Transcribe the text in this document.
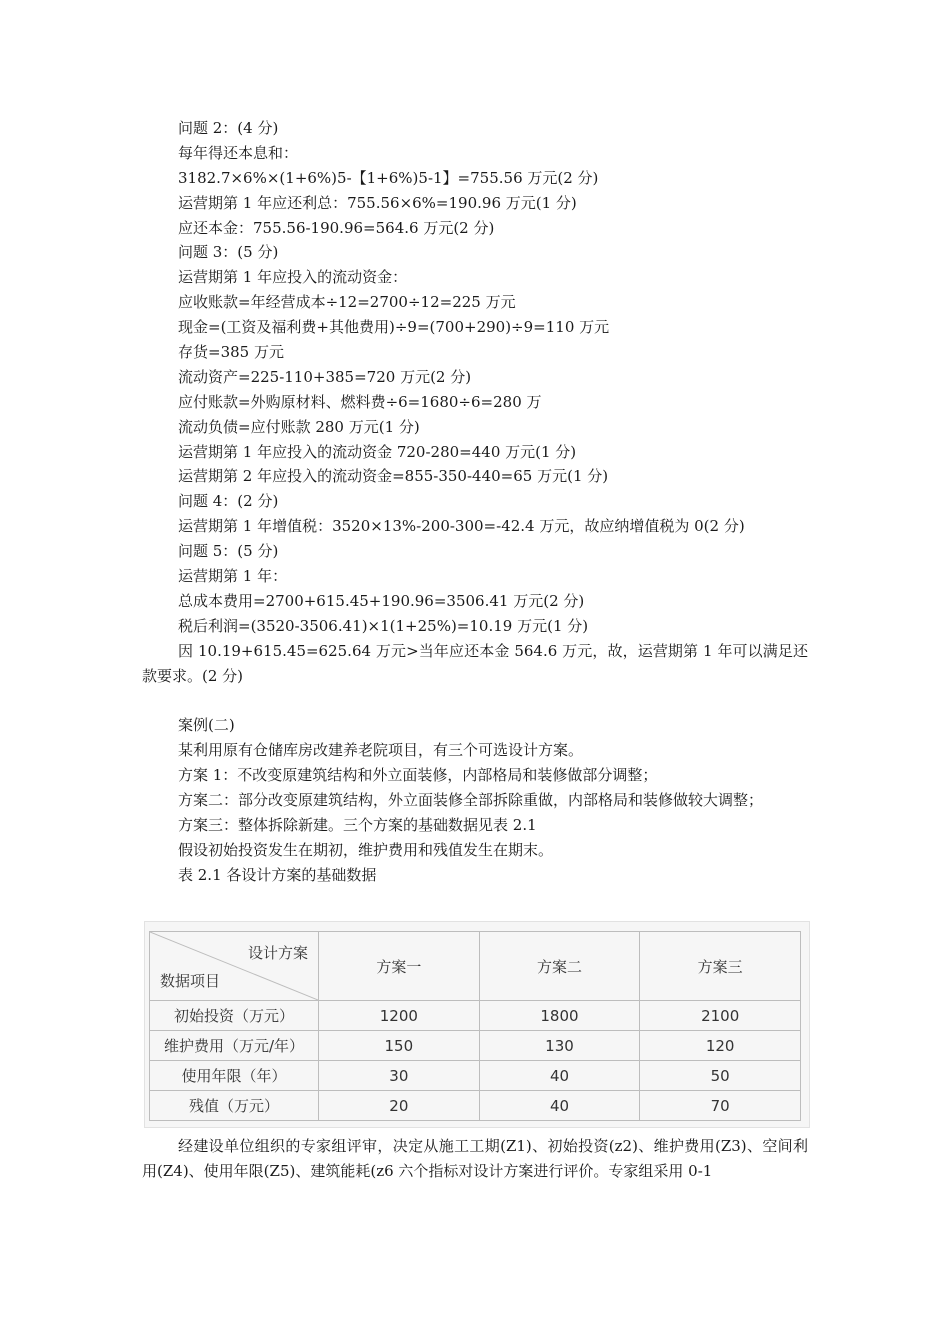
问题 2：(4 分)

每年得还本息和：

3182.7×6%×(1+6%)5-【1+6%)5-1】=755.56 万元(2 分)

运营期第 1 年应还利总：755.56×6%=190.96 万元(1 分)

应还本金：755.56-190.96=564.6 万元(2 分)

问题 3：(5 分)

运营期第 1 年应投入的流动资金：

应收账款=年经营成本÷12=2700÷12=225 万元

现金=(工资及福利费+其他费用)÷9=(700+290)÷9=110 万元

存货=385 万元

流动资产=225-110+385=720 万元(2 分)

应付账款=外购原材料、燃料费÷6=1680÷6=280 万

流动负债=应付账款 280 万元(1 分)

运营期第 1 年应投入的流动资金 720-280=440 万元(1 分)

运营期第 2 年应投入的流动资金=855-350-440=65 万元(1 分)

问题 4：(2 分)

运营期第 1 年增值税：3520×13%-200-300=-42.4 万元，故应纳增值税为 0(2 分)

问题 5：(5 分)

运营期第 1 年：

总成本费用=2700+615.45+190.96=3506.41 万元(2 分)

税后利润=(3520-3506.41)×1(1+25%)=10.19 万元(1 分)

因 10.19+615.45=625.64 万元>当年应还本金 564.6 万元，故，运营期第 1 年可以满足还款要求。(2 分)

案例(二)

某利用原有仓储库房改建养老院项目，有三个可选设计方案。

方案 1：不改变原建筑结构和外立面装修，内部格局和装修做部分调整；

方案二：部分改变原建筑结构，外立面装修全部拆除重做，内部格局和装修做较大调整；

方案三：整体拆除新建。三个方案的基础数据见表 2.1

假设初始投资发生在期初，维护费用和残值发生在期末。

表 2.1 各设计方案的基础数据

设计方案
数据项目	方案一	方案二	方案三
初始投资（万元）	1200	1800	2100
维护费用（万元/年）	150	130	120
使用年限（年）	30	40	50
残值（万元）	20	40	70

经建设单位组织的专家组评审，决定从施工工期(Z1)、初始投资(z2)、维护费用(Z3)、空间利用(Z4)、使用年限(Z5)、建筑能耗(z6 六个指标对设计方案进行评价。专家组采用 0-1
